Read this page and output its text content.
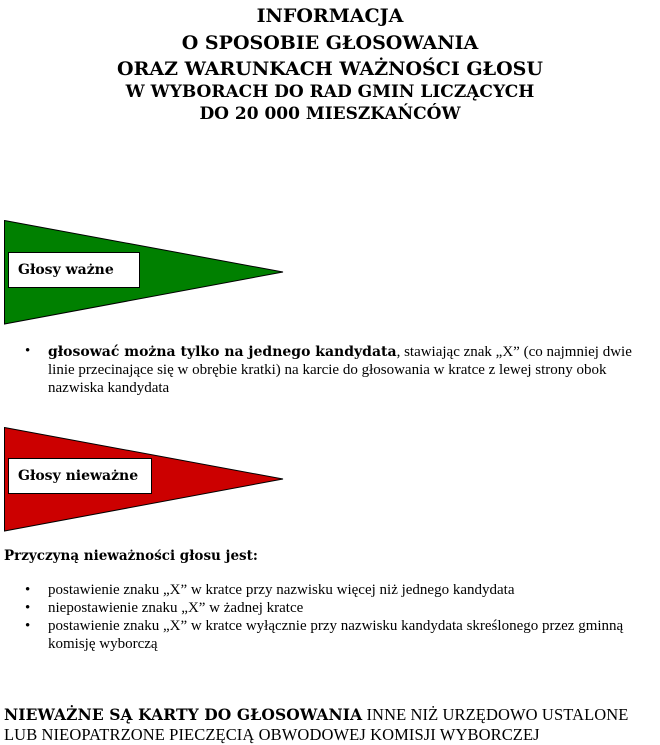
INFORMACJA
O SPOSOBIE GŁOSOWANIA
ORAZ WARUNKACH WAŻNOŚCI GŁOSU
W WYBORACH DO RAD GMIN LICZĄCYCH
DO 20 000 MIESZKAŃCÓW
Głosy ważne
• głosować można tylko na jednego kandydata, stawiając znak „X” (co najmniej dwie linie przecinające się w obrębie kratki) na karcie do głosowania w kratce z lewej strony obok nazwiska kandydata
Głosy nieważne
Przyczyną nieważności głosu jest:
• postawienie znaku „X” w kratce przy nazwisku więcej niż jednego kandydata
• niepostawienie znaku „X” w żadnej kratce
• postawienie znaku „X” w kratce wyłącznie przy nazwisku kandydata skreślonego przez gminną komisję wyborczą
NIEWAŻNE SĄ KARTY DO GŁOSOWANIA INNE NIŻ URZĘDOWO USTALONE LUB NIEOPATRZONE PIECZĘCIĄ OBWODOWEJ KOMISJI WYBORCZEJ
